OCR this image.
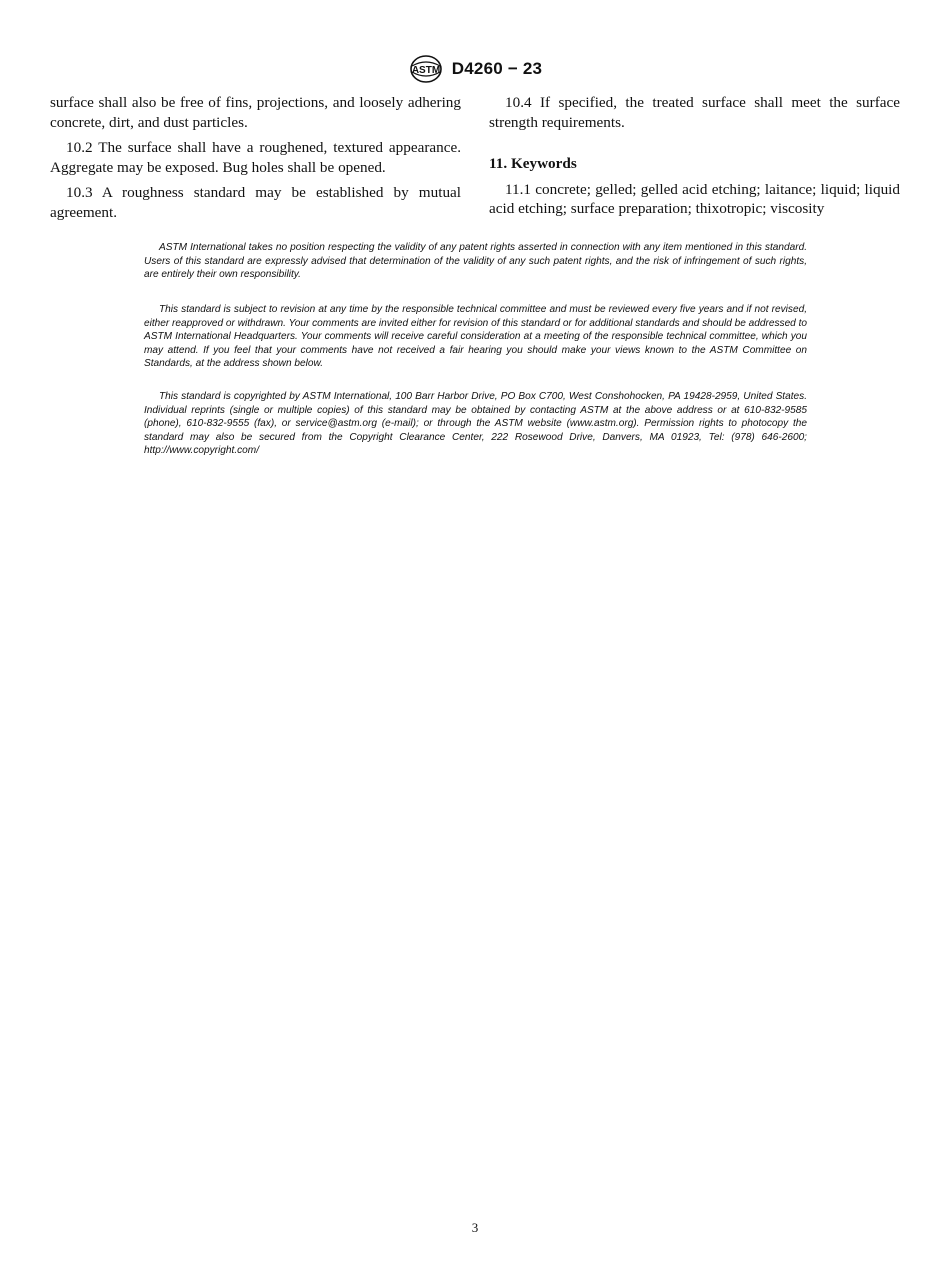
ASTM D4260 − 23

surface shall also be free of fins, projections, and loosely adhering concrete, dirt, and dust particles.

10.2 The surface shall have a roughened, textured appearance. Aggregate may be exposed. Bug holes shall be opened.

10.3 A roughness standard may be established by mutual agreement.

10.4 If specified, the treated surface shall meet the surface strength requirements.

11. Keywords

11.1 concrete; gelled; gelled acid etching; laitance; liquid; liquid acid etching; surface preparation; thixotropic; viscosity

ASTM International takes no position respecting the validity of any patent rights asserted in connection with any item mentioned in this standard. Users of this standard are expressly advised that determination of the validity of any such patent rights, and the risk of infringement of such rights, are entirely their own responsibility.

This standard is subject to revision at any time by the responsible technical committee and must be reviewed every five years and if not revised, either reapproved or withdrawn. Your comments are invited either for revision of this standard or for additional standards and should be addressed to ASTM International Headquarters. Your comments will receive careful consideration at a meeting of the responsible technical committee, which you may attend. If you feel that your comments have not received a fair hearing you should make your views known to the ASTM Committee on Standards, at the address shown below.

This standard is copyrighted by ASTM International, 100 Barr Harbor Drive, PO Box C700, West Conshohocken, PA 19428-2959, United States. Individual reprints (single or multiple copies) of this standard may be obtained by contacting ASTM at the above address or at 610-832-9585 (phone), 610-832-9555 (fax), or service@astm.org (e-mail); or through the ASTM website (www.astm.org). Permission rights to photocopy the standard may also be secured from the Copyright Clearance Center, 222 Rosewood Drive, Danvers, MA 01923, Tel: (978) 646-2600; http://www.copyright.com/

3
